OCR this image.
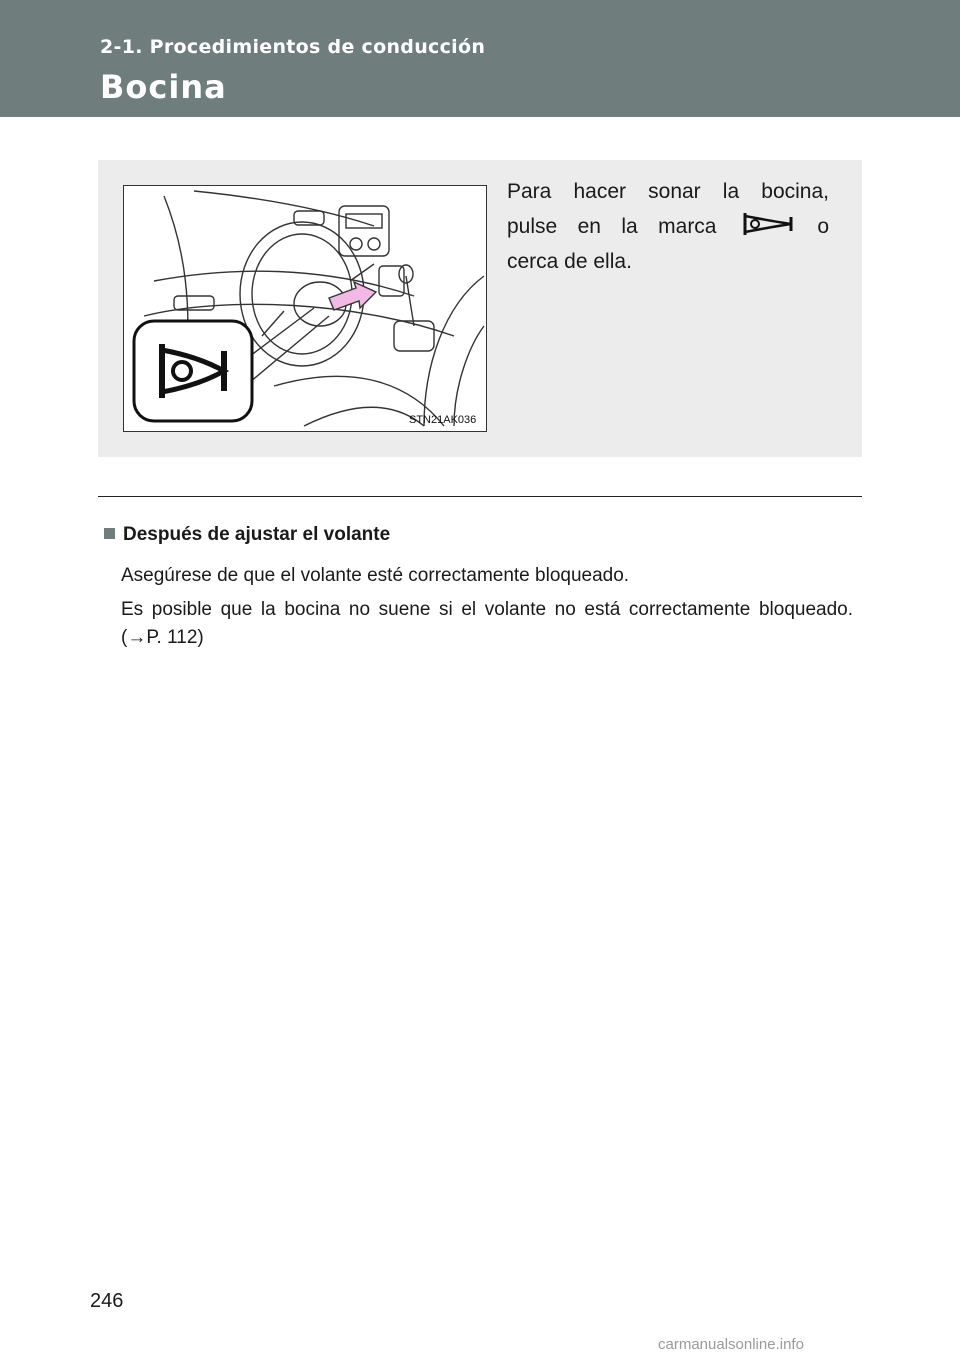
2-1. Procedimientos de conducción
Bocina
STN21AK036
Para hacer sonar la bocina,
pulse en la marca	o
cerca de ella.
Después de ajustar el volante
Asegúrese de que el volante esté correctamente bloqueado.
Es posible que la bocina no suene si el volante no está correctamente bloqueado. (→P. 112)
246
carmanualsonline.info
